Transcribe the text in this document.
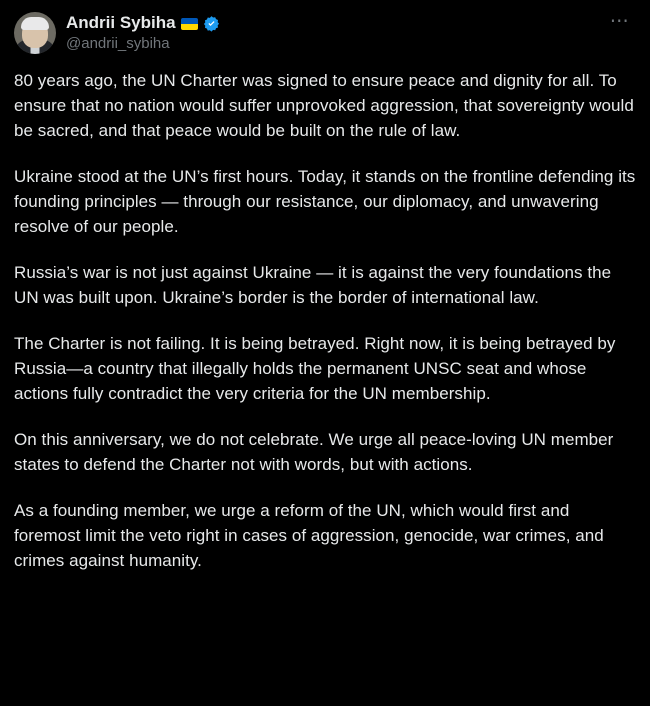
Andrii Sybiha
@andrii_sybiha
⋯

80 years ago, the UN Charter was signed to ensure peace and dignity for all. To ensure that no nation would suffer unprovoked aggression, that sovereignty would be sacred, and that peace would be built on the rule of law.

Ukraine stood at the UN’s first hours. Today, it stands on the frontline defending its founding principles — through our resistance, our diplomacy, and unwavering resolve of our people.

Russia’s war is not just against Ukraine — it is against the very foundations the UN was built upon. Ukraine’s border is the border of international law.

The Charter is not failing. It is being betrayed. Right now, it is being betrayed by Russia—a country that illegally holds the permanent UNSC seat and whose actions fully contradict the very criteria for the UN membership.

On this anniversary, we do not celebrate. We urge all peace-loving UN member states to defend the Charter not with words, but with actions.

As a founding member, we urge a reform of the UN, which would first and foremost limit the veto right in cases of aggression, genocide, war crimes, and crimes against humanity.
